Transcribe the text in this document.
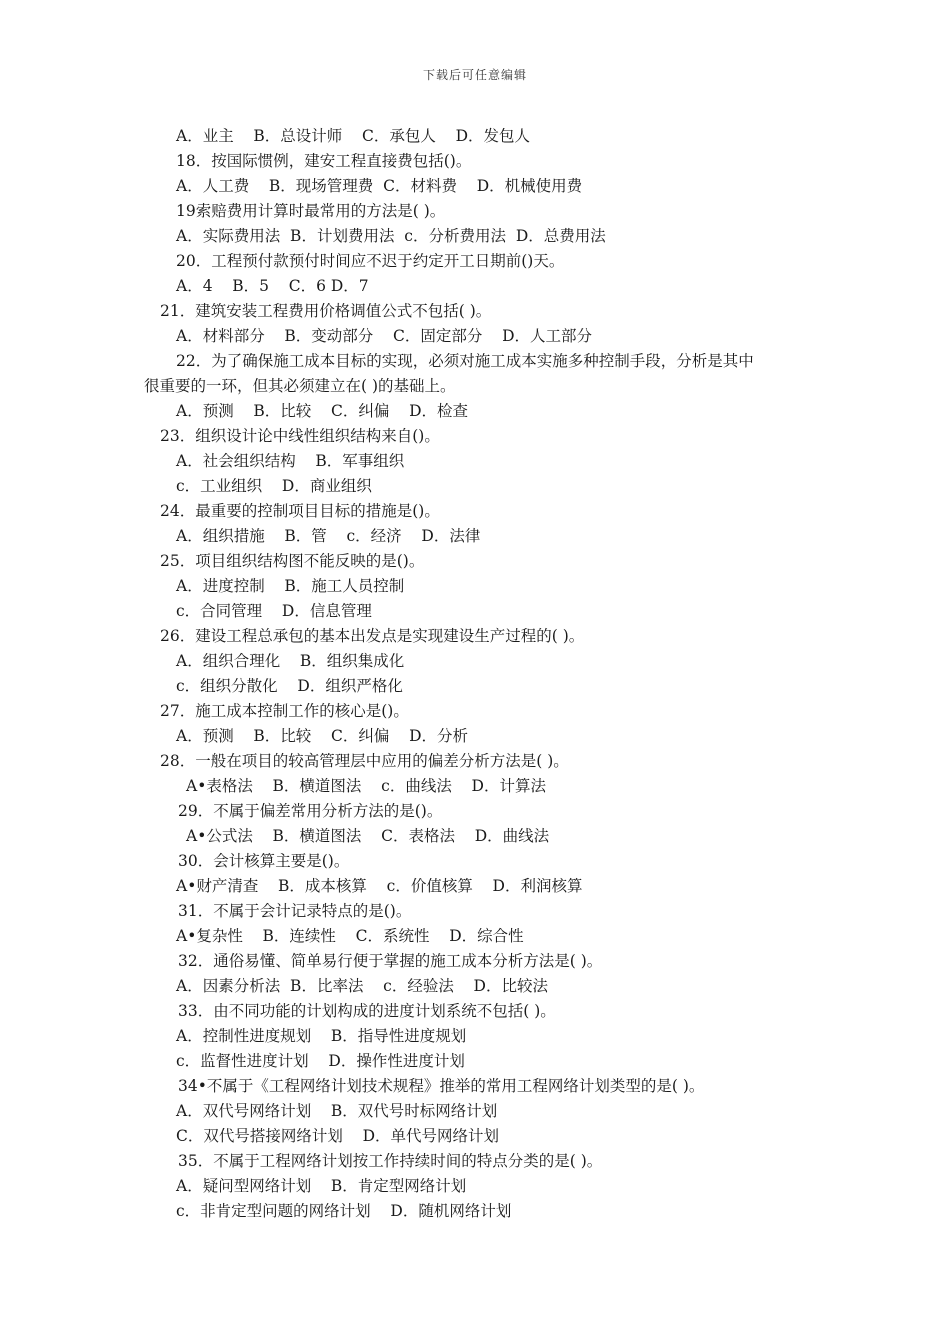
下载后可任意编辑
A．业主    B．总设计师    C．承包人    D．发包人
18．按国际惯例，建安工程直接费包括()。
A．人工费    B．现场管理费  C．材料费    D．机械使用费
19索赔费用计算时最常用的方法是( )。
A．实际费用法  B．计划费用法  c．分析费用法  D．总费用法
20．工程预付款预付时间应不迟于约定开工日期前()天。
A．4    B．5    C．6 D．7
21．建筑安装工程费用价格调值公式不包括( )。
A．材料部分    B．变动部分    C．固定部分    D．人工部分
22．为了确保施工成本目标的实现，必须对施工成本实施多种控制手段，分析是其中
很重要的一环，但其必须建立在( )的基础上。
A．预测    B．比较    C．纠偏    D．检查
23．组织设计论中线性组织结构来自()。
A．社会组织结构    B．军事组织
c．工业组织    D．商业组织
24．最重要的控制项目目标的措施是()。
A．组织措施    B．管    c．经济    D．法律
25．项目组织结构图不能反映的是()。
A．进度控制    B．施工人员控制
c．合同管理    D．信息管理
26．建设工程总承包的基本出发点是实现建设生产过程的( )。
A．组织合理化    B．组织集成化
c．组织分散化    D．组织严格化
27．施工成本控制工作的核心是()。
A．预测    B．比较    C．纠偏    D．分析
28．一般在项目的较高管理层中应用的偏差分析方法是( )。
A•表格法    B．横道图法    c．曲线法    D．计算法
29．不属于偏差常用分析方法的是()。
A•公式法    B．横道图法    C．表格法    D．曲线法
30．会计核算主要是()。
A•财产清查    B．成本核算    c．价值核算    D．利润核算
31．不属于会计记录特点的是()。
A•复杂性    B．连续性    C．系统性    D．综合性
32．通俗易懂、简单易行便于掌握的施工成本分析方法是( )。
A．因素分析法  B．比率法    c．经验法    D．比较法
33．由不同功能的计划构成的进度计划系统不包括( )。
A．控制性进度规划    B．指导性进度规划
c．监督性进度计划    D．操作性进度计划
34•不属于《工程网络计划技术规程》推举的常用工程网络计划类型的是( )。
A．双代号网络计划    B．双代号时标网络计划
C．双代号搭接网络计划    D．单代号网络计划
35．不属于工程网络计划按工作持续时间的特点分类的是( )。
A．疑问型网络计划    B．肯定型网络计划
c．非肯定型问题的网络计划    D．随机网络计划
